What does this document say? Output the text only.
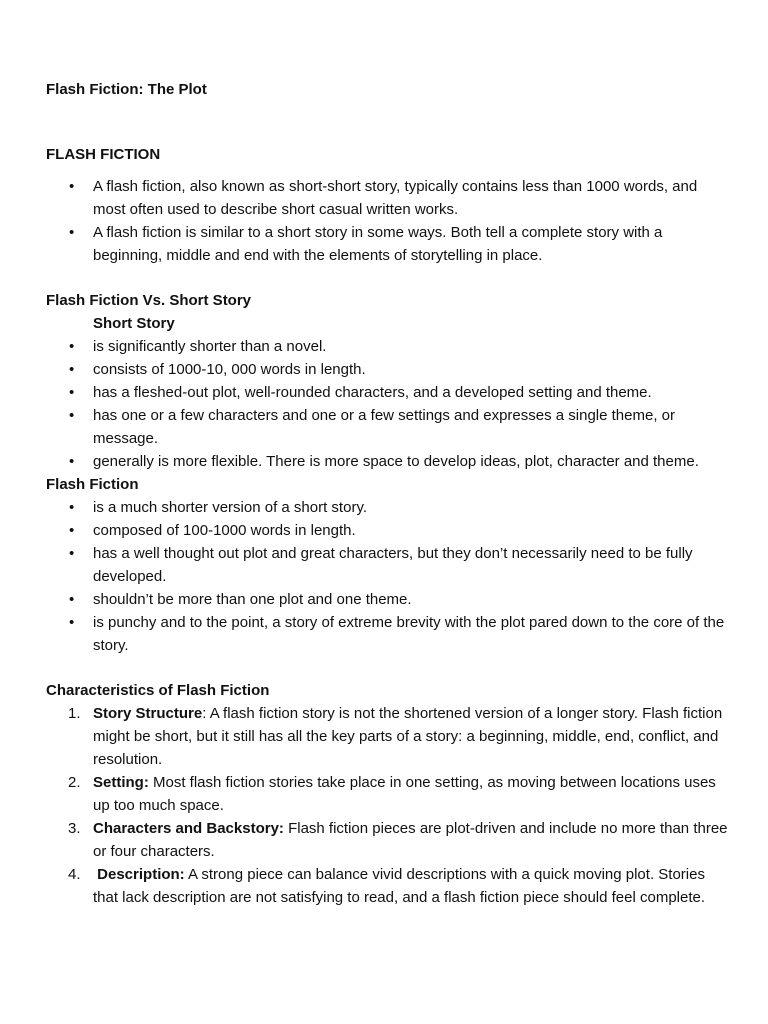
Flash Fiction: The Plot

FLASH FICTION

• A flash fiction, also known as short-short story, typically contains less than 1000 words, and most often used to describe short casual written works.
• A flash fiction is similar to a short story in some ways. Both tell a complete story with a beginning, middle and end with the elements of storytelling in place.

Flash Fiction Vs. Short Story

Short Story

• is significantly shorter than a novel.
• consists of 1000-10, 000 words in length.
• has a fleshed-out plot, well-rounded characters, and a developed setting and theme.
• has one or a few characters and one or a few settings and expresses a single theme, or message.
• generally is more flexible. There is more space to develop ideas, plot, character and theme.

Flash Fiction

• is a much shorter version of a short story.
• composed of 100-1000 words in length.
• has a well thought out plot and great characters, but they don’t necessarily need to be fully developed.
• shouldn’t be more than one plot and one theme.
• is punchy and to the point, a story of extreme brevity with the plot pared down to the core of the story.

Characteristics of Flash Fiction

1. Story Structure: A flash fiction story is not the shortened version of a longer story. Flash fiction might be short, but it still has all the key parts of a story: a beginning, middle, end, conflict, and resolution.
2. Setting: Most flash fiction stories take place in one setting, as moving between locations uses up too much space.
3. Characters and Backstory: Flash fiction pieces are plot-driven and include no more than three or four characters.
4. Description: A strong piece can balance vivid descriptions with a quick moving plot. Stories that lack description are not satisfying to read, and a flash fiction piece should feel complete.
